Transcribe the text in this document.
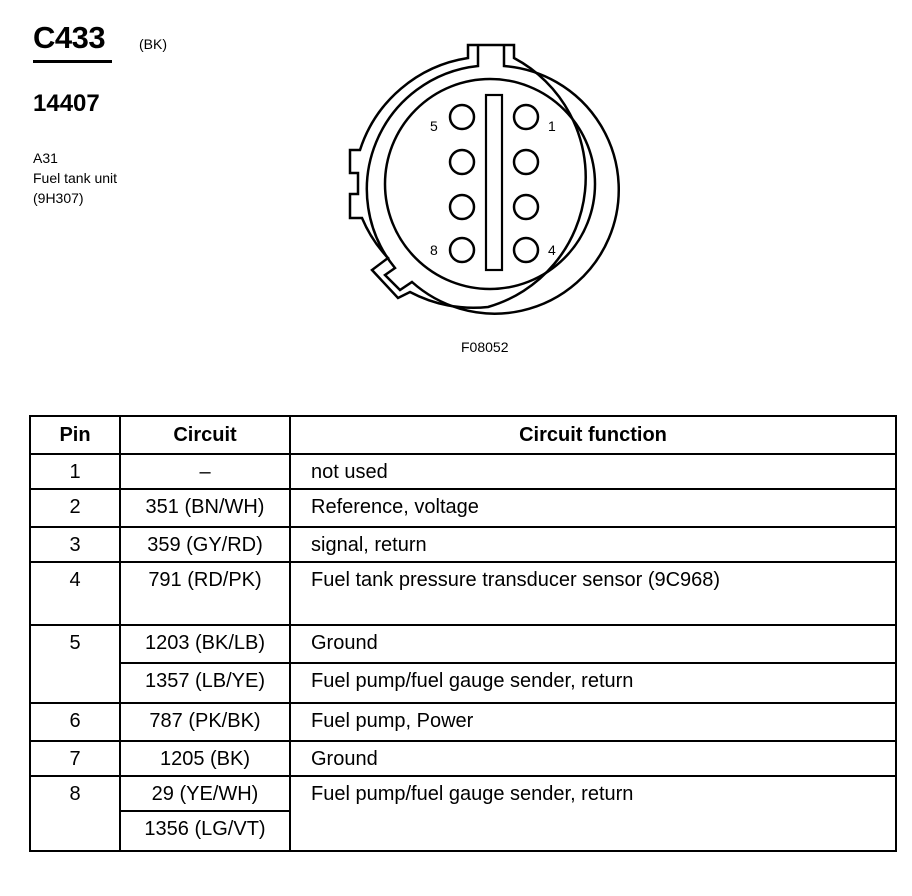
C433 (BK)
14407
A31
Fuel tank unit
(9H307)
5	1
8	4
F08052
Pin	Circuit	Circuit function

1	–	not used

2	351 (BN/WH)	Reference, voltage

3	359 (GY/RD)	signal, return

4	791 (RD/PK)	Fuel tank pressure transducer sensor (9C968)

5	1203 (BK/LB)	Ground

	1357 (LB/YE)	Fuel pump/fuel gauge sender, return

6	787 (PK/BK)	Fuel pump, Power

7	1205 (BK)	Ground

8	29 (YE/WH)	Fuel pump/fuel gauge sender, return

	1356 (LG/VT)	
